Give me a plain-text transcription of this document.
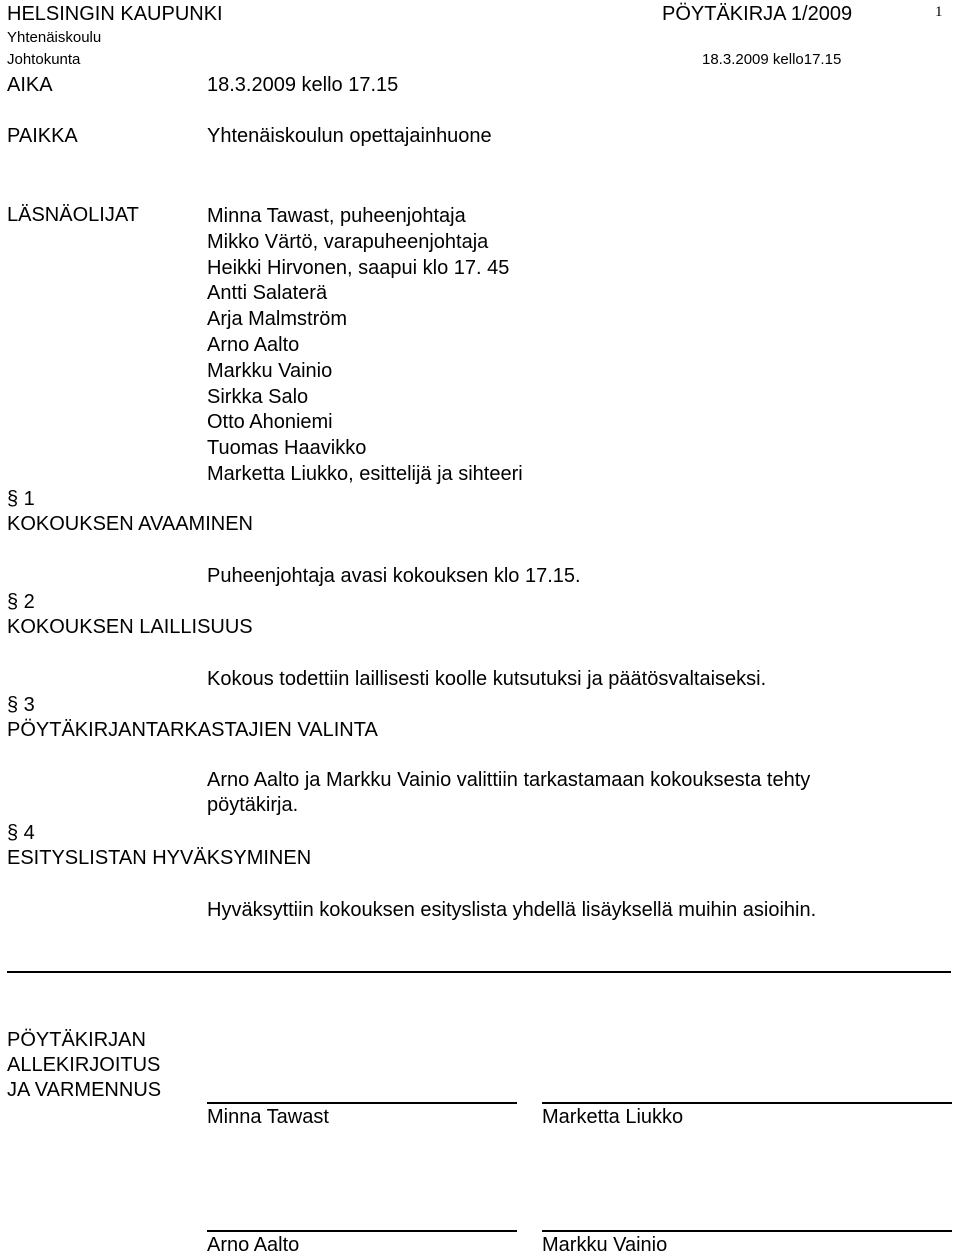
HELSINGIN KAUPUNKI
Yhtenäiskoulu
Johtokunta
PÖYTÄKIRJA 1/2009	1
18.3.2009 kello17.15
AIKA	18.3.2009 kello 17.15
PAIKKA	Yhtenäiskoulun opettajainhuone
LÄSNÄOLIJAT	Minna Tawast, puheenjohtaja
Mikko Värtö, varapuheenjohtaja
Heikki Hirvonen, saapui klo 17. 45
Antti Salaterä
Arja Malmström
Arno Aalto
Markku Vainio
Sirkka Salo
Otto Ahoniemi
Tuomas Haavikko
Marketta Liukko, esittelijä ja sihteeri
§ 1
KOKOUKSEN AVAAMINEN
Puheenjohtaja avasi kokouksen klo 17.15.
§ 2
KOKOUKSEN LAILLISUUS
Kokous todettiin laillisesti koolle kutsutuksi ja päätösvaltaiseksi.
§ 3
PÖYTÄKIRJANTARKASTAJIEN VALINTA
Arno Aalto ja Markku Vainio valittiin tarkastamaan kokouksesta tehty pöytäkirja.
§ 4
ESITYSLISTAN HYVÄKSYMINEN
Hyväksyttiin kokouksen esityslista yhdellä lisäyksellä muihin asioihin.
PÖYTÄKIRJAN
ALLEKIRJOITUS
JA VARMENNUS
Minna Tawast	Marketta Liukko
Arno Aalto	Markku Vainio
